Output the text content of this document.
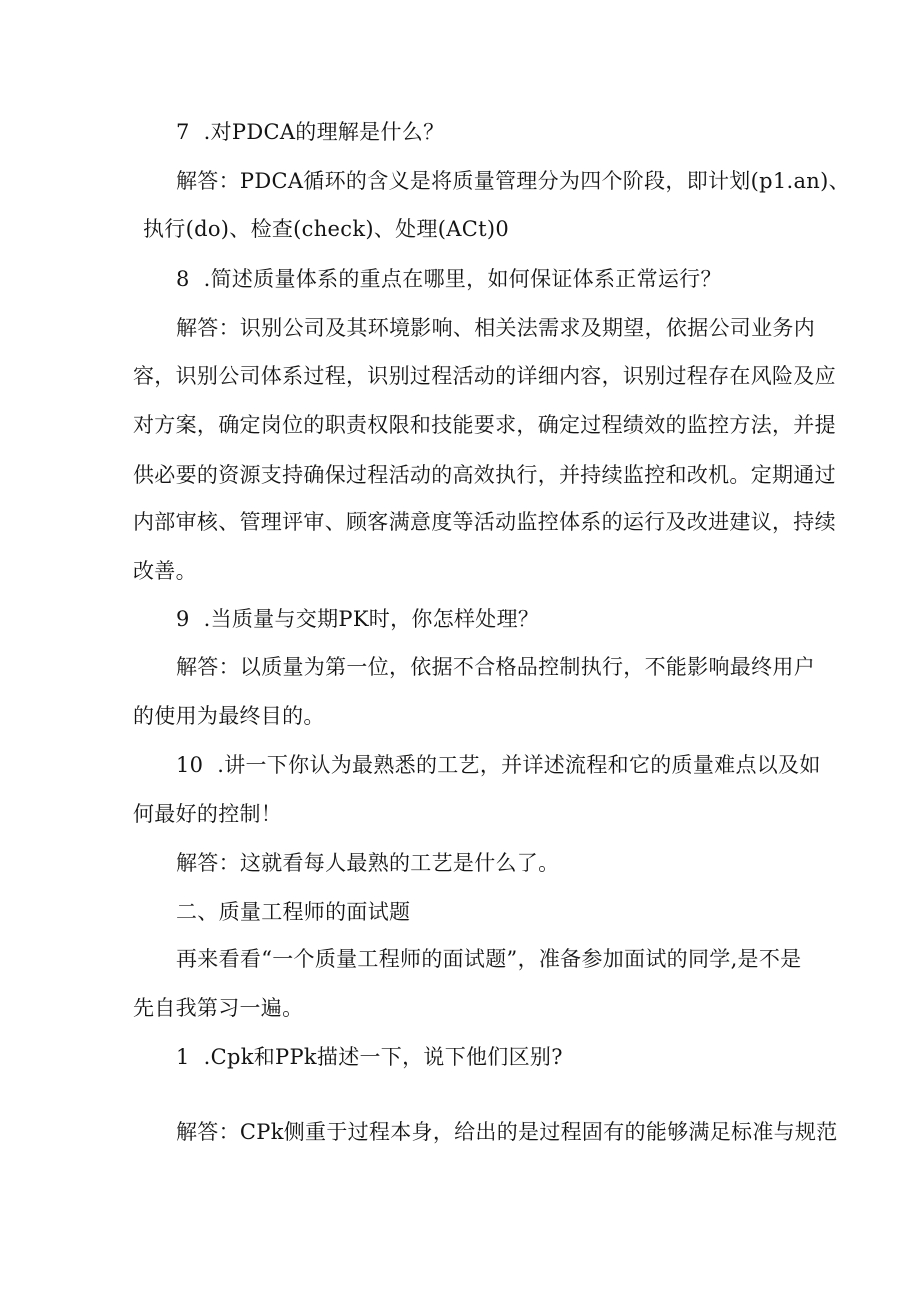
7  .对PDCA的理解是什么？
解答：PDCA循环的含义是将质量管理分为四个阶段，即计划(p1.an)、
执行(do)、检查(check)、处理(ACt)0
8  .简述质量体系的重点在哪里，如何保证体系正常运行？
解答：识别公司及其环境影响、相关法需求及期望，依据公司业务内
容，识别公司体系过程，识别过程活动的详细内容，识别过程存在风险及应
对方案，确定岗位的职责权限和技能要求，确定过程绩效的监控方法，并提
供必要的资源支持确保过程活动的高效执行，并持续监控和改机。定期通过
内部审核、管理评审、顾客满意度等活动监控体系的运行及改进建议，持续
改善。
9  .当质量与交期PK时，你怎样处理？
解答：以质量为第一位，依据不合格品控制执行，不能影响最终用户
的使用为最终目的。
10  .讲一下你认为最熟悉的工艺，并详述流程和它的质量难点以及如
何最好的控制！
解答：这就看每人最熟的工艺是什么了。
二、质量工程师的面试题
再来看看“一个质量工程师的面试题”，准备参加面试的同学,是不是
先自我第习一遍。
1  .Cpk和PPk描述一下，说下他们区别?
解答：CPk侧重于过程本身，给出的是过程固有的能够满足标准与规范
